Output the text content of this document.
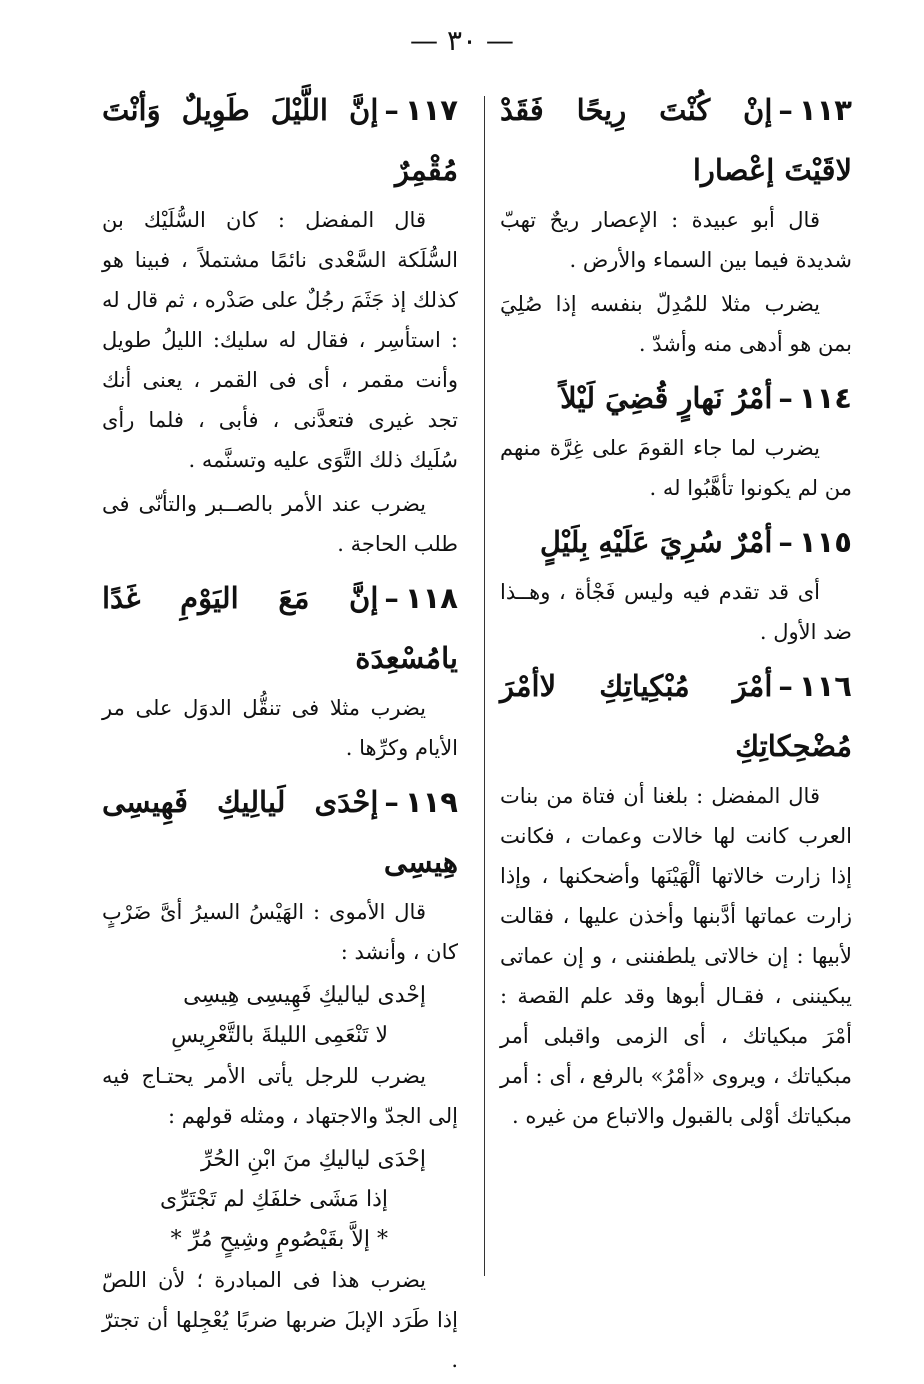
— ٣٠ —
١١٣–إنْ كُنْتَ رِيحًا فَقَدْ لاقَيْتَ إعْصارا

قال أبو عبيدة : الإعصار ريحٌ تهبّ شديدة فيما بين السماء والأرض .

يضرب مثلا للمُدِلّ بنفسه إذا صُلِيَ بمن هو أدهى منه وأشدّ .

١١٤–أمْرُ نَهارٍ قُضِيَ لَيْلاً

يضرب لما جاء القومَ على غِرَّة منهم من لم يكونوا تأهَّبُوا له .

١١٥–أمْرٌ سُرِيَ عَلَيْهِ بِلَيْلٍ

أى قد تقدم فيه وليس فَجْأة ، وهــذا ضد الأول .

١١٦–أمْرَ مُبْكِياتِكِ لاأمْرَ مُضْحِكاتِكِ

قال المفضل : بلغنا أن فتاة من بنات العرب كانت لها خالات وعمات ، فكانت إذا زارت خالاتها ألْهَيْنَها وأضحكنها ، وإذا زارت عماتها أدَّبنها وأخذن عليها ، فقالت لأبيها : إن خالاتى يلطفننى ، و إن عماتى يبكيننى ، فقـال أبوها وقد علم القصة : أمْرَ مبكياتك ، أى الزمى واقبلى أمر مبكياتك ، ويروى «أمْرُ» بالرفع ، أى : أمر مبكياتك أوْلى بالقبول والاتباع من غيره .

١١٧–إنَّ اللَّيْلَ طَوِيلٌ وَأنْتَ مُقْمِرٌ

قال المفضل : كان السُّلَيْك بن السُّلَكة السَّعْدى نائمًا مشتملاً ، فبينا هو كذلك إذ جَثَمَ رجُلٌ على صَدْره ، ثم قال له : استأسِر ، فقال له سليك: الليلُ طويل وأنت مقمر ، أى فى القمر ، يعنى أنك تجد غيرى فتعدَّنى ، فأبى ، فلما رأى سُلَيك ذلك التَّوَى عليه وتسنَّمه .

يضرب عند الأمر بالصــبر والتأنّى فى طلب الحاجة .

١١٨–إنَّ مَعَ اليَوْمِ غَدًا يامُسْعِدَة

يضرب مثلا فى تنقُّل الدوَل على مر الأيام وكرِّها .

١١٩–إحْدَى لَيالِيكِ فَهِيسِى هِيسِى

قال الأموى : الهَيْسُ السيرُ أىَّ ضَرْبٍ كان ، وأنشد :

إحْدى لياليكِ فَهِيسِى هِيسِى

لا تَنْعَمِى الليلةَ بالتَّعْرِيسِ

يضرب للرجل يأتى الأمر يحتـاج فيه إلى الجدّ والاجتهاد ، ومثله قولهم :

إحْدَى لياليكِ منَ ابْنِ الحُرِّ

إذا مَشَى خلفَكِ لم تَجْتَرِّى

* إلاَّ بقَيْصُومٍ وشِيحٍ مُرِّ *

يضرب هذا فى المبادرة ؛ لأن اللصّ إذا طَرَد الإبلَ ضربها ضربًا يُعْجِلها أن تجترّ .
